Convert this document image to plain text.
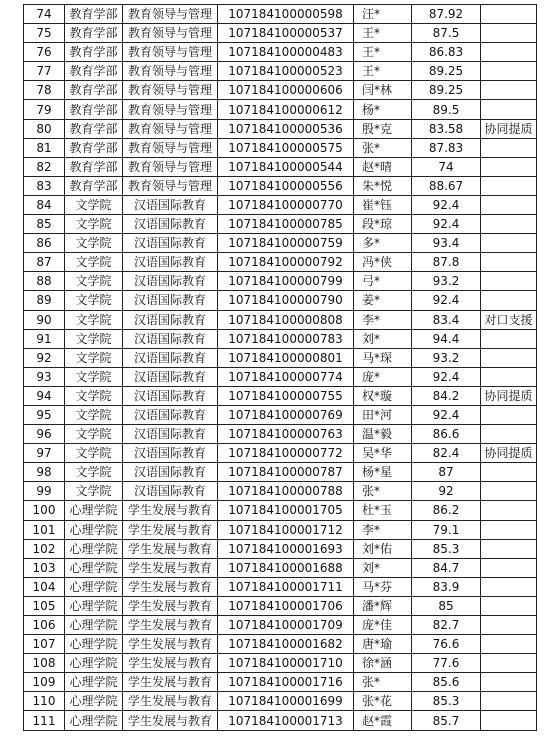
74	教育学部	教育领导与管理	107184100000598	汪*	87.92	
75	教育学部	教育领导与管理	107184100000537	王*	87.5	
76	教育学部	教育领导与管理	107184100000483	王*	86.83	
77	教育学部	教育领导与管理	107184100000523	王*	89.25	
78	教育学部	教育领导与管理	107184100000606	闫*林	89.25	
79	教育学部	教育领导与管理	107184100000612	杨*	89.5	
80	教育学部	教育领导与管理	107184100000536	殷*克	83.58	协同提质
81	教育学部	教育领导与管理	107184100000575	张*	87.83	
82	教育学部	教育领导与管理	107184100000544	赵*晴	74	
83	教育学部	教育领导与管理	107184100000556	朱*悦	88.67	
84	文学院	汉语国际教育	107184100000770	崔*钰	92.4	
85	文学院	汉语国际教育	107184100000785	段*琼	92.4	
86	文学院	汉语国际教育	107184100000759	多*	93.4	
87	文学院	汉语国际教育	107184100000792	冯*侠	87.8	
88	文学院	汉语国际教育	107184100000799	弓*	93.2	
89	文学院	汉语国际教育	107184100000790	姜*	92.4	
90	文学院	汉语国际教育	107184100000808	李*	83.4	对口支援
91	文学院	汉语国际教育	107184100000783	刘*	94.4	
92	文学院	汉语国际教育	107184100000801	马*琛	93.2	
93	文学院	汉语国际教育	107184100000774	庞*	92.4	
94	文学院	汉语国际教育	107184100000755	权*璇	84.2	协同提质
95	文学院	汉语国际教育	107184100000769	田*河	92.4	
96	文学院	汉语国际教育	107184100000763	温*毅	86.6	
97	文学院	汉语国际教育	107184100000772	吴*华	82.4	协同提质
98	文学院	汉语国际教育	107184100000787	杨*星	87	
99	文学院	汉语国际教育	107184100000788	张*	92	
100	心理学院	学生发展与教育	107184100001705	杜*玉	86.2	
101	心理学院	学生发展与教育	107184100001712	李*	79.1	
102	心理学院	学生发展与教育	107184100001693	刘*佑	85.3	
103	心理学院	学生发展与教育	107184100001688	刘*	84.7	
104	心理学院	学生发展与教育	107184100001711	马*芬	83.9	
105	心理学院	学生发展与教育	107184100001706	潘*辉	85	
106	心理学院	学生发展与教育	107184100001709	庞*佳	82.7	
107	心理学院	学生发展与教育	107184100001682	唐*瑜	76.6	
108	心理学院	学生发展与教育	107184100001710	徐*涵	77.6	
109	心理学院	学生发展与教育	107184100001716	张*	85.6	
110	心理学院	学生发展与教育	107184100001699	张*花	85.3	
111	心理学院	学生发展与教育	107184100001713	赵*霞	85.7	
